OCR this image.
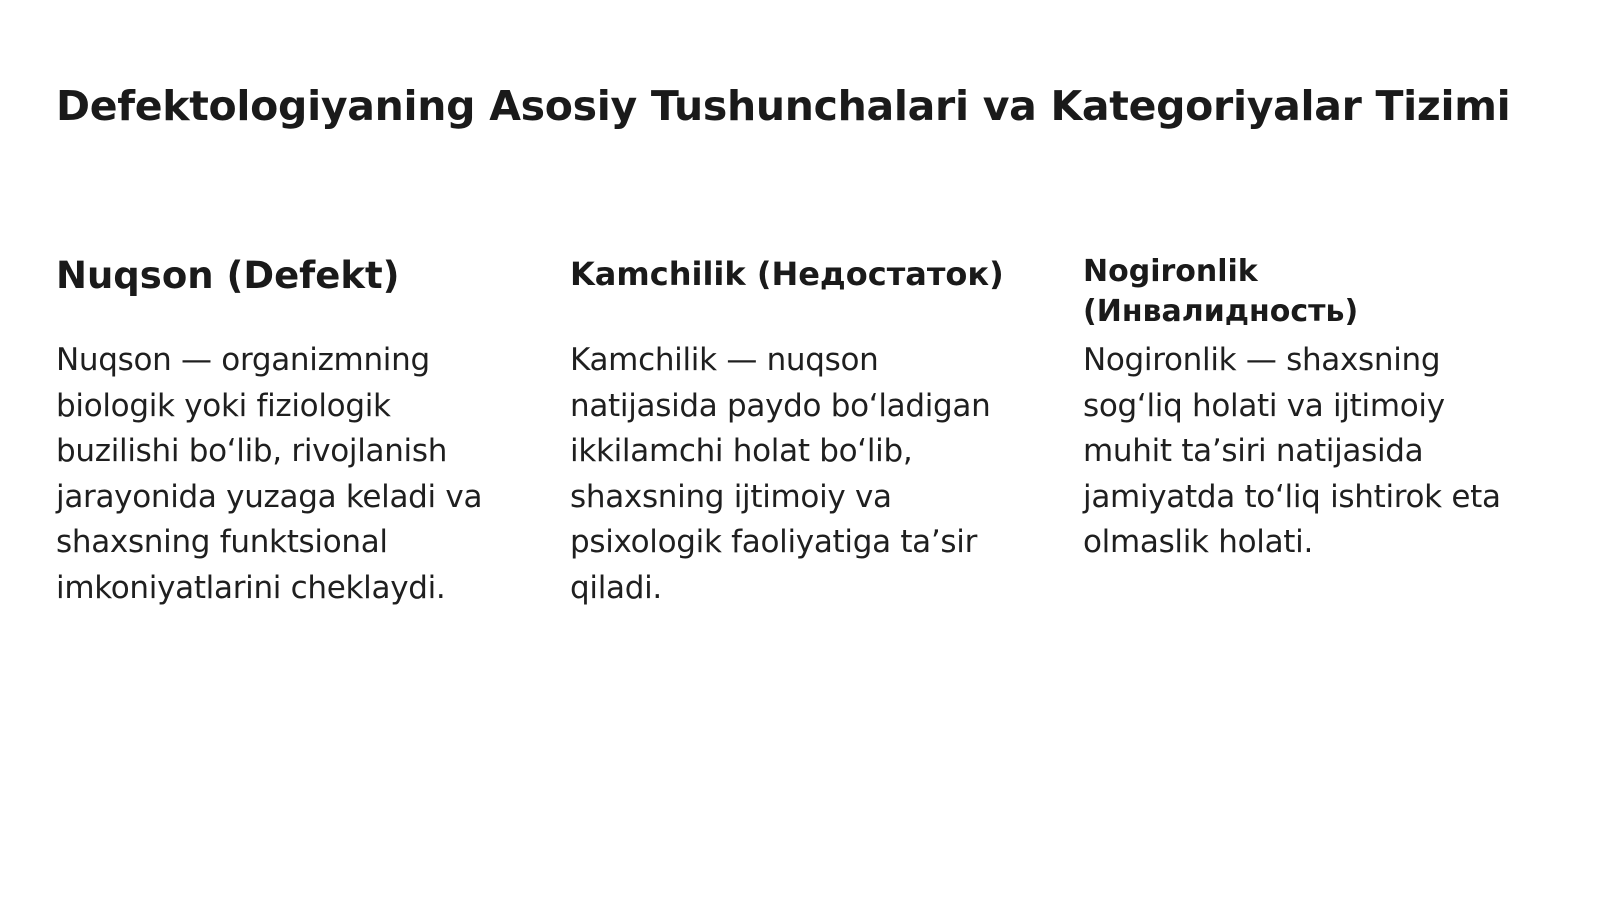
Defektologiyaning Asosiy Tushunchalari va Kategoriyalar Tizimi
Nuqson (Defekt)

Nuqson — organizmning biologik yoki fiziologik buzilishi bo‘lib, rivojlanish jarayonida yuzaga keladi va shaxsning funktsional imkoniyatlarini cheklaydi.

Kamchilik (Недостаток)

Kamchilik — nuqson natijasida paydo bo‘ladigan ikkilamchi holat bo‘lib, shaxsning ijtimoiy va psixologik faoliyatiga ta’sir qiladi.

Nogironlik (Инвалидность)

Nogironlik — shaxsning sog‘liq holati va ijtimoiy muhit ta’siri natijasida jamiyatda to‘liq ishtirok eta olmaslik holati.
